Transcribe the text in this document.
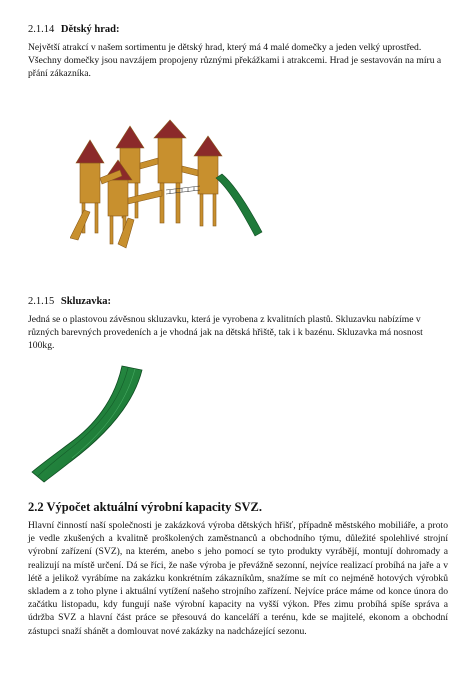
2.1.14 Dětský hrad:
Největší atrakcí v našem sortimentu je dětský hrad, který má 4 malé domečky a jeden velký uprostřed. Všechny domečky jsou navzájem propojeny různými překážkami i atrakcemi. Hrad je sestavován na míru a přání zákazníka.
2.1.15 Skluzavka:
Jedná se o plastovou závěsnou skluzavku, která je vyrobena z kvalitních plastů. Skluzavku nabízíme v různých barevných provedeních a je vhodná jak na dětská hřiště, tak i k bazénu. Skluzavka má nosnost 100kg.
2.2 Výpočet aktuální výrobní kapacity SVZ.
Hlavní činností naší společnosti je zakázková výroba dětských hřišť, případně městského mobiliáře, a proto je vedle zkušených a kvalitně proškolených zaměstnanců a obchodního týmu, důležité spolehlivé strojní výrobní zařízení (SVZ), na kterém, anebo s jeho pomocí se tyto produkty vyrábějí, montují dohromady a realizují na místě určení. Dá se říci, že naše výroba je převážně sezonní, nejvíce realizací probíhá na jaře a v létě a jelikož vyrábíme na zakázku konkrétním zákazníkům, snažíme se mít co nejméně hotových výrobků skladem a z toho plyne i aktuální vytížení našeho strojního zařízení. Nejvíce práce máme od konce února do začátku listopadu, kdy fungují naše výrobní kapacity na vyšší výkon. Přes zimu probíhá spíše správa a údržba SVZ a hlavní část práce se přesouvá do kanceláří a terénu, kde se majitelé, ekonom a obchodní zástupci snaží shánět a domlouvat nové zakázky na nadcházející sezonu.
